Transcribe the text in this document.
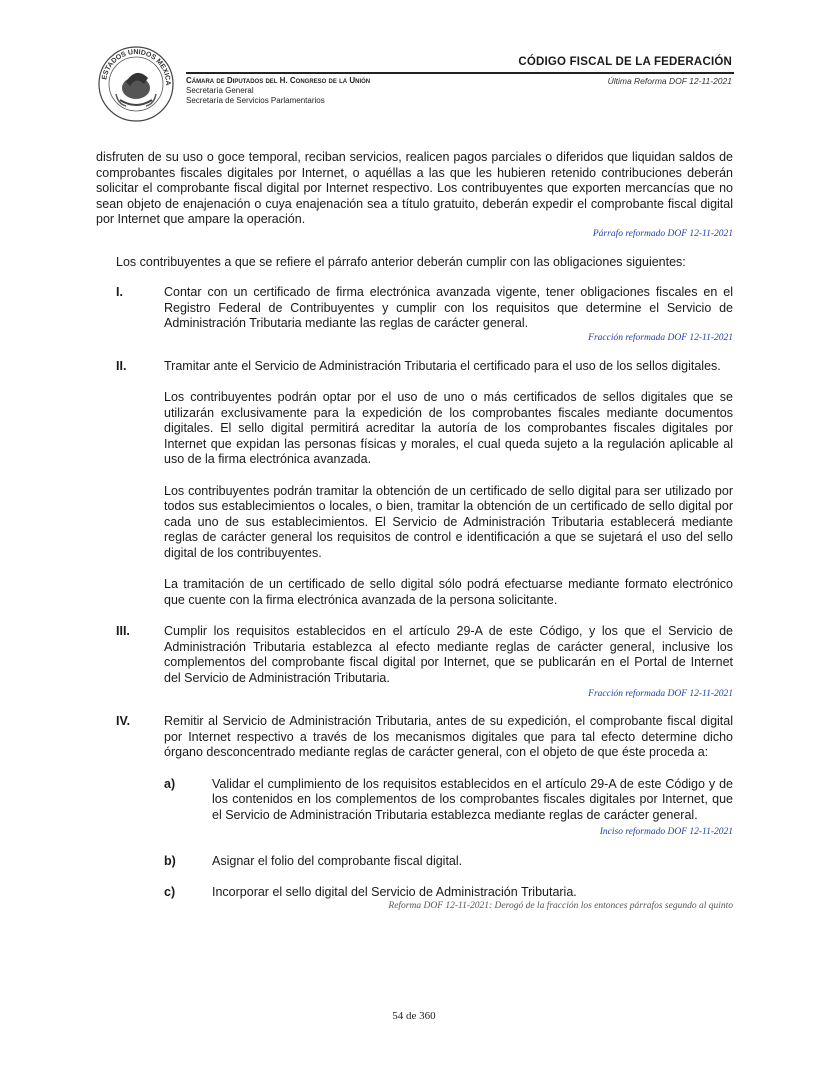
ESTADOS UNIDOS MEXICA
CÓDIGO FISCAL DE LA FEDERACIÓN
Cámara de Diputados del H. Congreso de la Unión
Secretaría General
Secretaría de Servicios Parlamentarios
Última Reforma DOF 12-11-2021

disfruten de su uso o goce temporal, reciban servicios, realicen pagos parciales o diferidos que liquidan saldos de comprobantes fiscales digitales por Internet, o aquéllas a las que les hubieren retenido contribuciones deberán solicitar el comprobante fiscal digital por Internet respectivo. Los contribuyentes que exporten mercancías que no sean objeto de enajenación o cuya enajenación sea a título gratuito, deberán expedir el comprobante fiscal digital por Internet que ampare la operación.

Párrafo reformado DOF 12-11-2021

Los contribuyentes a que se refiere el párrafo anterior deberán cumplir con las obligaciones siguientes:

I.	Contar con un certificado de firma electrónica avanzada vigente, tener obligaciones fiscales en el Registro Federal de Contribuyentes y cumplir con los requisitos que determine el Servicio de Administración Tributaria mediante las reglas de carácter general.

Fracción reformada DOF 12-11-2021

II.	Tramitar ante el Servicio de Administración Tributaria el certificado para el uso de los sellos digitales.

Los contribuyentes podrán optar por el uso de uno o más certificados de sellos digitales que se utilizarán exclusivamente para la expedición de los comprobantes fiscales mediante documentos digitales. El sello digital permitirá acreditar la autoría de los comprobantes fiscales digitales por Internet que expidan las personas físicas y morales, el cual queda sujeto a la regulación aplicable al uso de la firma electrónica avanzada.

Los contribuyentes podrán tramitar la obtención de un certificado de sello digital para ser utilizado por todos sus establecimientos o locales, o bien, tramitar la obtención de un certificado de sello digital por cada uno de sus establecimientos. El Servicio de Administración Tributaria establecerá mediante reglas de carácter general los requisitos de control e identificación a que se sujetará el uso del sello digital de los contribuyentes.

La tramitación de un certificado de sello digital sólo podrá efectuarse mediante formato electrónico que cuente con la firma electrónica avanzada de la persona solicitante.

III.	Cumplir los requisitos establecidos en el artículo 29-A de este Código, y los que el Servicio de Administración Tributaria establezca al efecto mediante reglas de carácter general, inclusive los complementos del comprobante fiscal digital por Internet, que se publicarán en el Portal de Internet del Servicio de Administración Tributaria.

Fracción reformada DOF 12-11-2021

IV.	Remitir al Servicio de Administración Tributaria, antes de su expedición, el comprobante fiscal digital por Internet respectivo a través de los mecanismos digitales que para tal efecto determine dicho órgano desconcentrado mediante reglas de carácter general, con el objeto de que éste proceda a:

a)	Validar el cumplimiento de los requisitos establecidos en el artículo 29-A de este Código y de los contenidos en los complementos de los comprobantes fiscales digitales por Internet, que el Servicio de Administración Tributaria establezca mediante reglas de carácter general.

Inciso reformado DOF 12-11-2021

b)	Asignar el folio del comprobante fiscal digital.

c)	Incorporar el sello digital del Servicio de Administración Tributaria.

Reforma DOF 12-11-2021: Derogó de la fracción los entonces párrafos segundo al quinto

54 de 360
